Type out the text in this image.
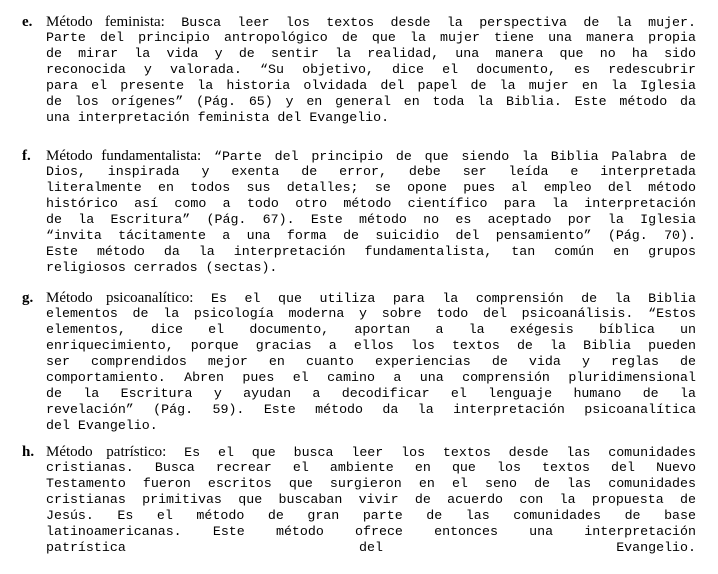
e. Método feminista: Busca leer los textos desde la perspectiva de la mujer.
Parte del principio antropológico de que la mujer tiene una manera propia
de mirar la vida y de sentir la realidad, una manera que no ha sido
reconocida y valorada. “Su objetivo, dice el documento, es redescubrir
para el presente la historia olvidada del papel de la mujer en la Iglesia
de los orígenes” (Pág. 65) y en general en toda la Biblia. Este método da
una interpretación feminista del Evangelio.
f. Método fundamentalista: “Parte del principio de que siendo la Biblia Palabra de
Dios, inspirada y exenta de error, debe ser leída e interpretada
literalmente en todos sus detalles; se opone pues al empleo del método
histórico así como a todo otro método científico para la interpretación
de la Escritura” (Pág. 67). Este método no es aceptado por la Iglesia
“invita tácitamente a una forma de suicidio del pensamiento” (Pág. 70).
Este método da la interpretación fundamentalista, tan común en grupos
religiosos cerrados (sectas).
g. Método psicoanalítico: Es el que utiliza para la comprensión de la Biblia
elementos de la psicología moderna y sobre todo del psicoanálisis. “Estos
elementos, dice el documento, aportan a la exégesis bíblica un
enriquecimiento, porque gracias a ellos los textos de la Biblia pueden
ser comprendidos mejor en cuanto experiencias de vida y reglas de
comportamiento. Abren pues el camino a una comprensión pluridimensional
de la Escritura y ayudan a decodificar el lenguaje humano de la
revelación” (Pág. 59). Este método da la interpretación psicoanalítica
del Evangelio.
h. Método patrístico: Es el que busca leer los textos desde las comunidades
cristianas. Busca recrear el ambiente en que los textos del Nuevo
Testamento fueron escritos que surgieron en el seno de las comunidades
cristianas primitivas que buscaban vivir de acuerdo con la propuesta de
Jesús. Es el método de gran parte de las comunidades de base
latinoamericanas. Este método ofrece entonces una interpretación
patrística del Evangelio.
